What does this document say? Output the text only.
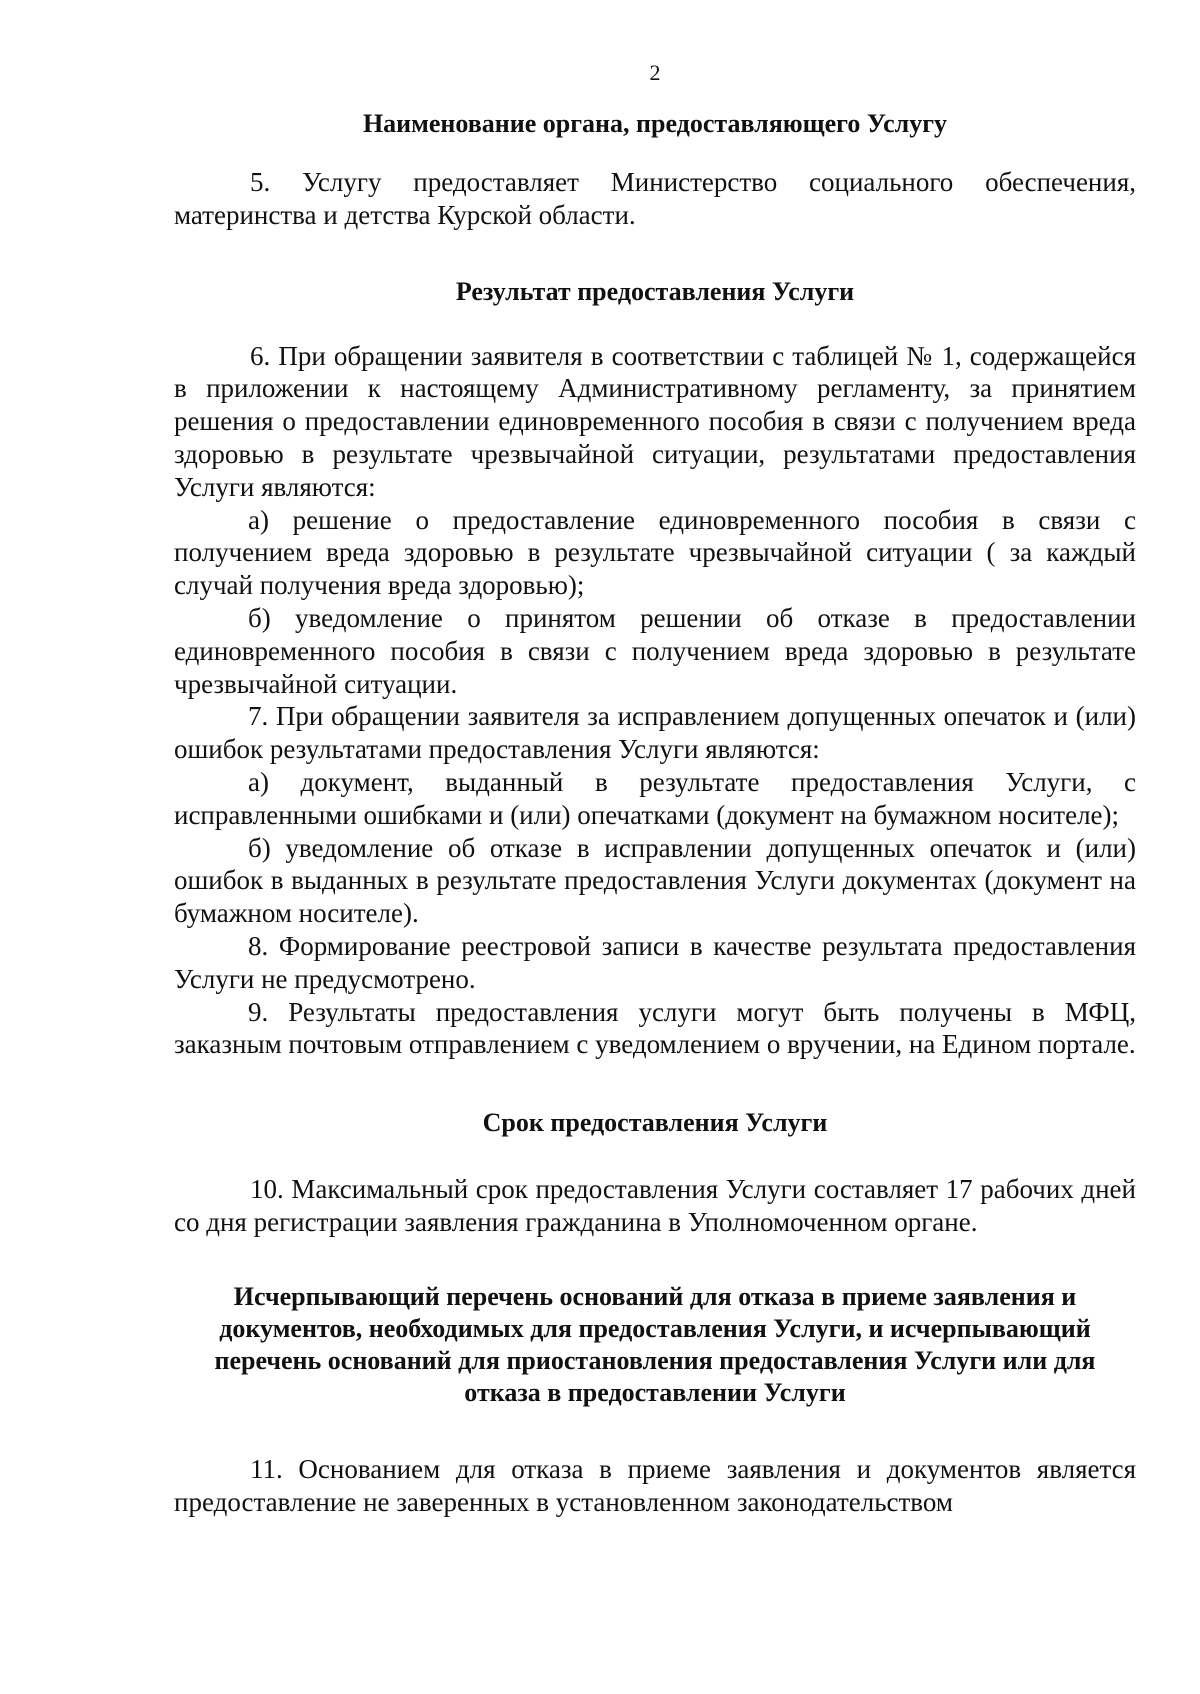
2
Наименование органа, предоставляющего Услугу

5. Услугу предоставляет Министерство социального обеспечения, материнства и детства Курской области.

Результат предоставления Услуги

6. При обращении заявителя в соответствии с таблицей № 1, содержащейся в приложении к настоящему Административному регламенту, за принятием решения о предоставлении единовременного пособия в связи с получением вреда здоровью в результате чрезвычайной ситуации, результатами предоставления Услуги являются:

а) решение о предоставление единовременного пособия в связи с получением вреда здоровью в результате чрезвычайной ситуации ( за каждый случай получения вреда здоровью);

б) уведомление о принятом решении об отказе в предоставлении единовременного пособия в связи с получением вреда здоровью в результате чрезвычайной ситуации.

7. При обращении заявителя за исправлением допущенных опечаток и (или) ошибок результатами предоставления Услуги являются:

а) документ, выданный в результате предоставления Услуги, с исправленными ошибками и (или) опечатками (документ на бумажном носителе);

б) уведомление об отказе в исправлении допущенных опечаток и (или) ошибок в выданных в результате предоставления Услуги документах (документ на бумажном носителе).

8. Формирование реестровой записи в качестве результата предоставления Услуги не предусмотрено.

9. Результаты предоставления услуги могут быть получены в МФЦ, заказным почтовым отправлением с уведомлением о вручении, на Едином портале.

Срок предоставления Услуги

10. Максимальный срок предоставления Услуги составляет 17 рабочих дней со дня регистрации заявления гражданина в Уполномоченном органе.

Исчерпывающий перечень оснований для отказа в приеме заявления и документов, необходимых для предоставления Услуги, и исчерпывающий перечень оснований для приостановления предоставления Услуги или для отказа в предоставлении Услуги

11. Основанием для отказа в приеме заявления и документов является предоставление не заверенных в установленном законодательством
